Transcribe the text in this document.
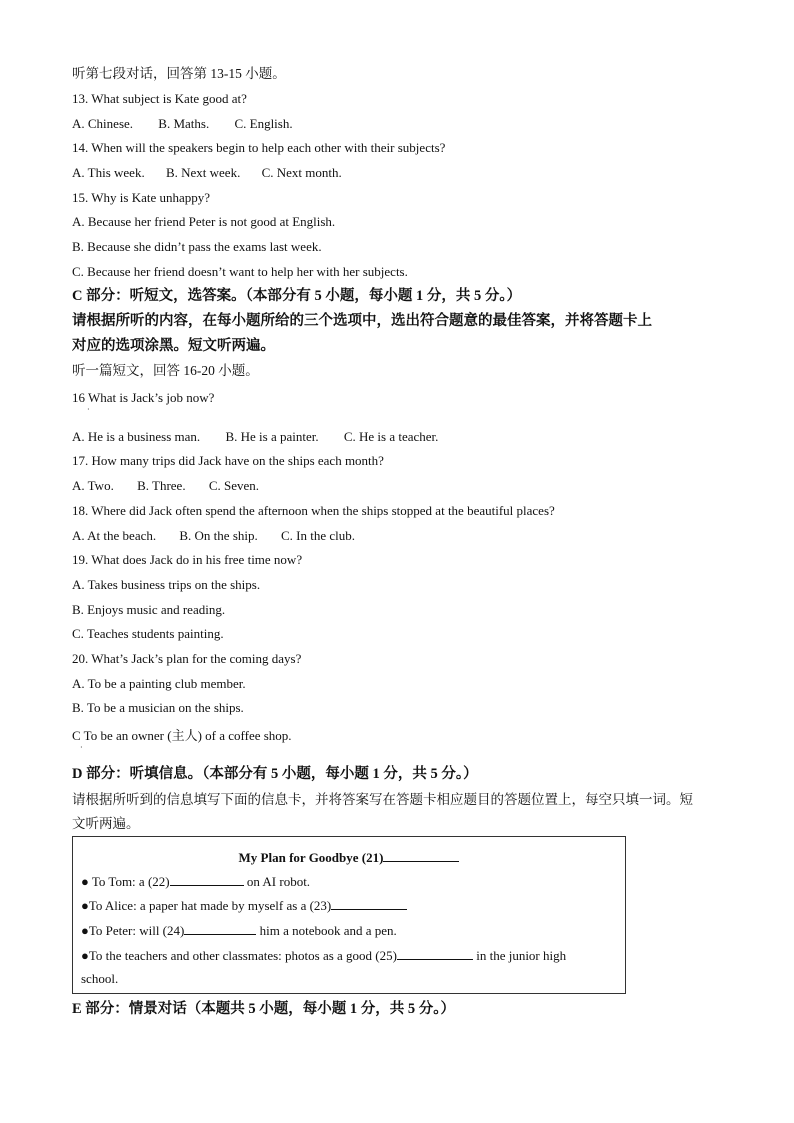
听第七段对话，回答第 13-15 小题。
13. What subject is Kate good at?
A. Chinese. B. Maths. C. English.
14. When will the speakers begin to help each other with their subjects?
A. This week. B. Next week. C. Next month.
15. Why is Kate unhappy?
A. Because her friend Peter is not good at English.
B. Because she didn’t pass the exams last week.
C. Because her friend doesn’t want to help her with her subjects.
C 部分：听短文，选答案。（本部分有 5 小题，每小题 1 分，共 5 分。）
请根据所听的内容，在每小题所给的三个选项中，选出符合题意的最佳答案，并将答题卡上
对应的选项涂黑。短文听两遍。
听一篇短文，回答 16-20 小题。
16 What is Jack’s job now?
·
A. He is a business man. B. He is a painter. C. He is a teacher.
17. How many trips did Jack have on the ships each month?
A. Two. B. Three. C. Seven.
18. Where did Jack often spend the afternoon when the ships stopped at the beautiful places?
A. At the beach. B. On the ship. C. In the club.
19. What does Jack do in his free time now?
A. Takes business trips on the ships.
B. Enjoys music and reading.
C. Teaches students painting.
20. What’s Jack’s plan for the coming days?
A. To be a painting club member.
B. To be a musician on the ships.
C To be an owner (主人) of a coffee shop.
·
D 部分：听填信息。（本部分有 5 小题，每小题 1 分，共 5 分。）
请根据所听到的信息填写下面的信息卡，并将答案写在答题卡相应题目的答题位置上，每空只填一词。短
文听两遍。
My Plan for Goodbye (21)
● To Tom: a (22)	on AI robot.
●To Alice: a paper hat made by myself as a (23)
●To Peter: will (24)	him a notebook and a pen.
●To the teachers and other classmates: photos as a good (25)	in the junior high
school.
E 部分：情景对话（本题共 5 小题，每小题 1 分，共 5 分。）
